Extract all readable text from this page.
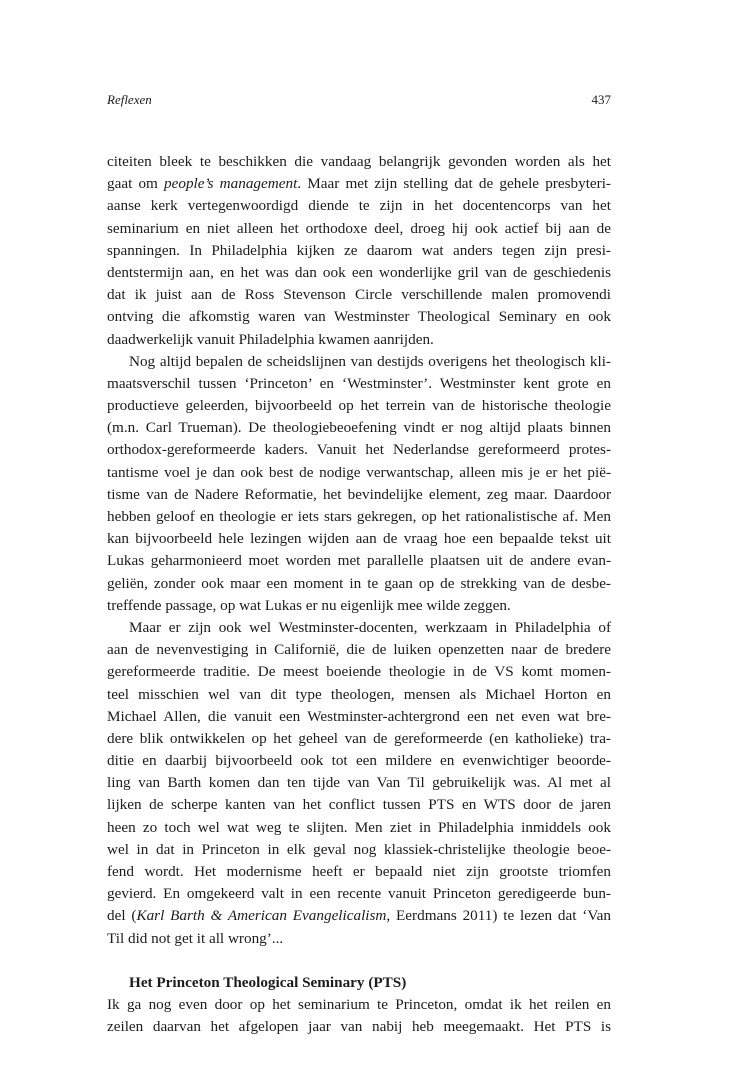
Reflexen	437
citeiten bleek te beschikken die vandaag belangrijk gevonden worden als het
gaat om people’s management. Maar met zijn stelling dat de gehele presbyteri-
aanse kerk vertegenwoordigd diende te zijn in het docentencorps van het
seminarium en niet alleen het orthodoxe deel, droeg hij ook actief bij aan de
spanningen. In Philadelphia kijken ze daarom wat anders tegen zijn presi-
dentstermijn aan, en het was dan ook een wonderlijke gril van de geschiedenis
dat ik juist aan de Ross Stevenson Circle verschillende malen promovendi
ontving die afkomstig waren van Westminster Theological Seminary en ook
daadwerkelijk vanuit Philadelphia kwamen aanrijden.
Nog altijd bepalen de scheidslijnen van destijds overigens het theologisch kli-
maatsverschil tussen ‘Princeton’ en ‘Westminster’. Westminster kent grote en
productieve geleerden, bijvoorbeeld op het terrein van de historische theologie
(m.n. Carl Trueman). De theologiebeoefening vindt er nog altijd plaats binnen
orthodox-gereformeerde kaders. Vanuit het Nederlandse gereformeerd protes-
tantisme voel je dan ook best de nodige verwantschap, alleen mis je er het pië-
tisme van de Nadere Reformatie, het bevindelijke element, zeg maar. Daardoor
hebben geloof en theologie er iets stars gekregen, op het rationalistische af. Men
kan bijvoorbeeld hele lezingen wijden aan de vraag hoe een bepaalde tekst uit
Lukas geharmonieerd moet worden met parallelle plaatsen uit de andere evan-
geliën, zonder ook maar een moment in te gaan op de strekking van de desbe-
treffende passage, op wat Lukas er nu eigenlijk mee wilde zeggen.
Maar er zijn ook wel Westminster-docenten, werkzaam in Philadelphia of
aan de nevenvestiging in Californië, die de luiken openzetten naar de bredere
gereformeerde traditie. De meest boeiende theologie in de VS komt momen-
teel misschien wel van dit type theologen, mensen als Michael Horton en
Michael Allen, die vanuit een Westminster-achtergrond een net even wat bre-
dere blik ontwikkelen op het geheel van de gereformeerde (en katholieke) tra-
ditie en daarbij bijvoorbeeld ook tot een mildere en evenwichtiger beoorde-
ling van Barth komen dan ten tijde van Van Til gebruikelijk was. Al met al
lijken de scherpe kanten van het conflict tussen PTS en WTS door de jaren
heen zo toch wel wat weg te slijten. Men ziet in Philadelphia inmiddels ook
wel in dat in Princeton in elk geval nog klassiek-christelijke theologie beoe-
fend wordt. Het modernisme heeft er bepaald niet zijn grootste triomfen
gevierd. En omgekeerd valt in een recente vanuit Princeton geredigeerde bun-
del (Karl Barth & American Evangelicalism, Eerdmans 2011) te lezen dat ‘Van
Til did not get it all wrong’...
Het Princeton Theological Seminary (PTS)
Ik ga nog even door op het seminarium te Princeton, omdat ik het reilen en
zeilen daarvan het afgelopen jaar van nabij heb meegemaakt. Het PTS is
